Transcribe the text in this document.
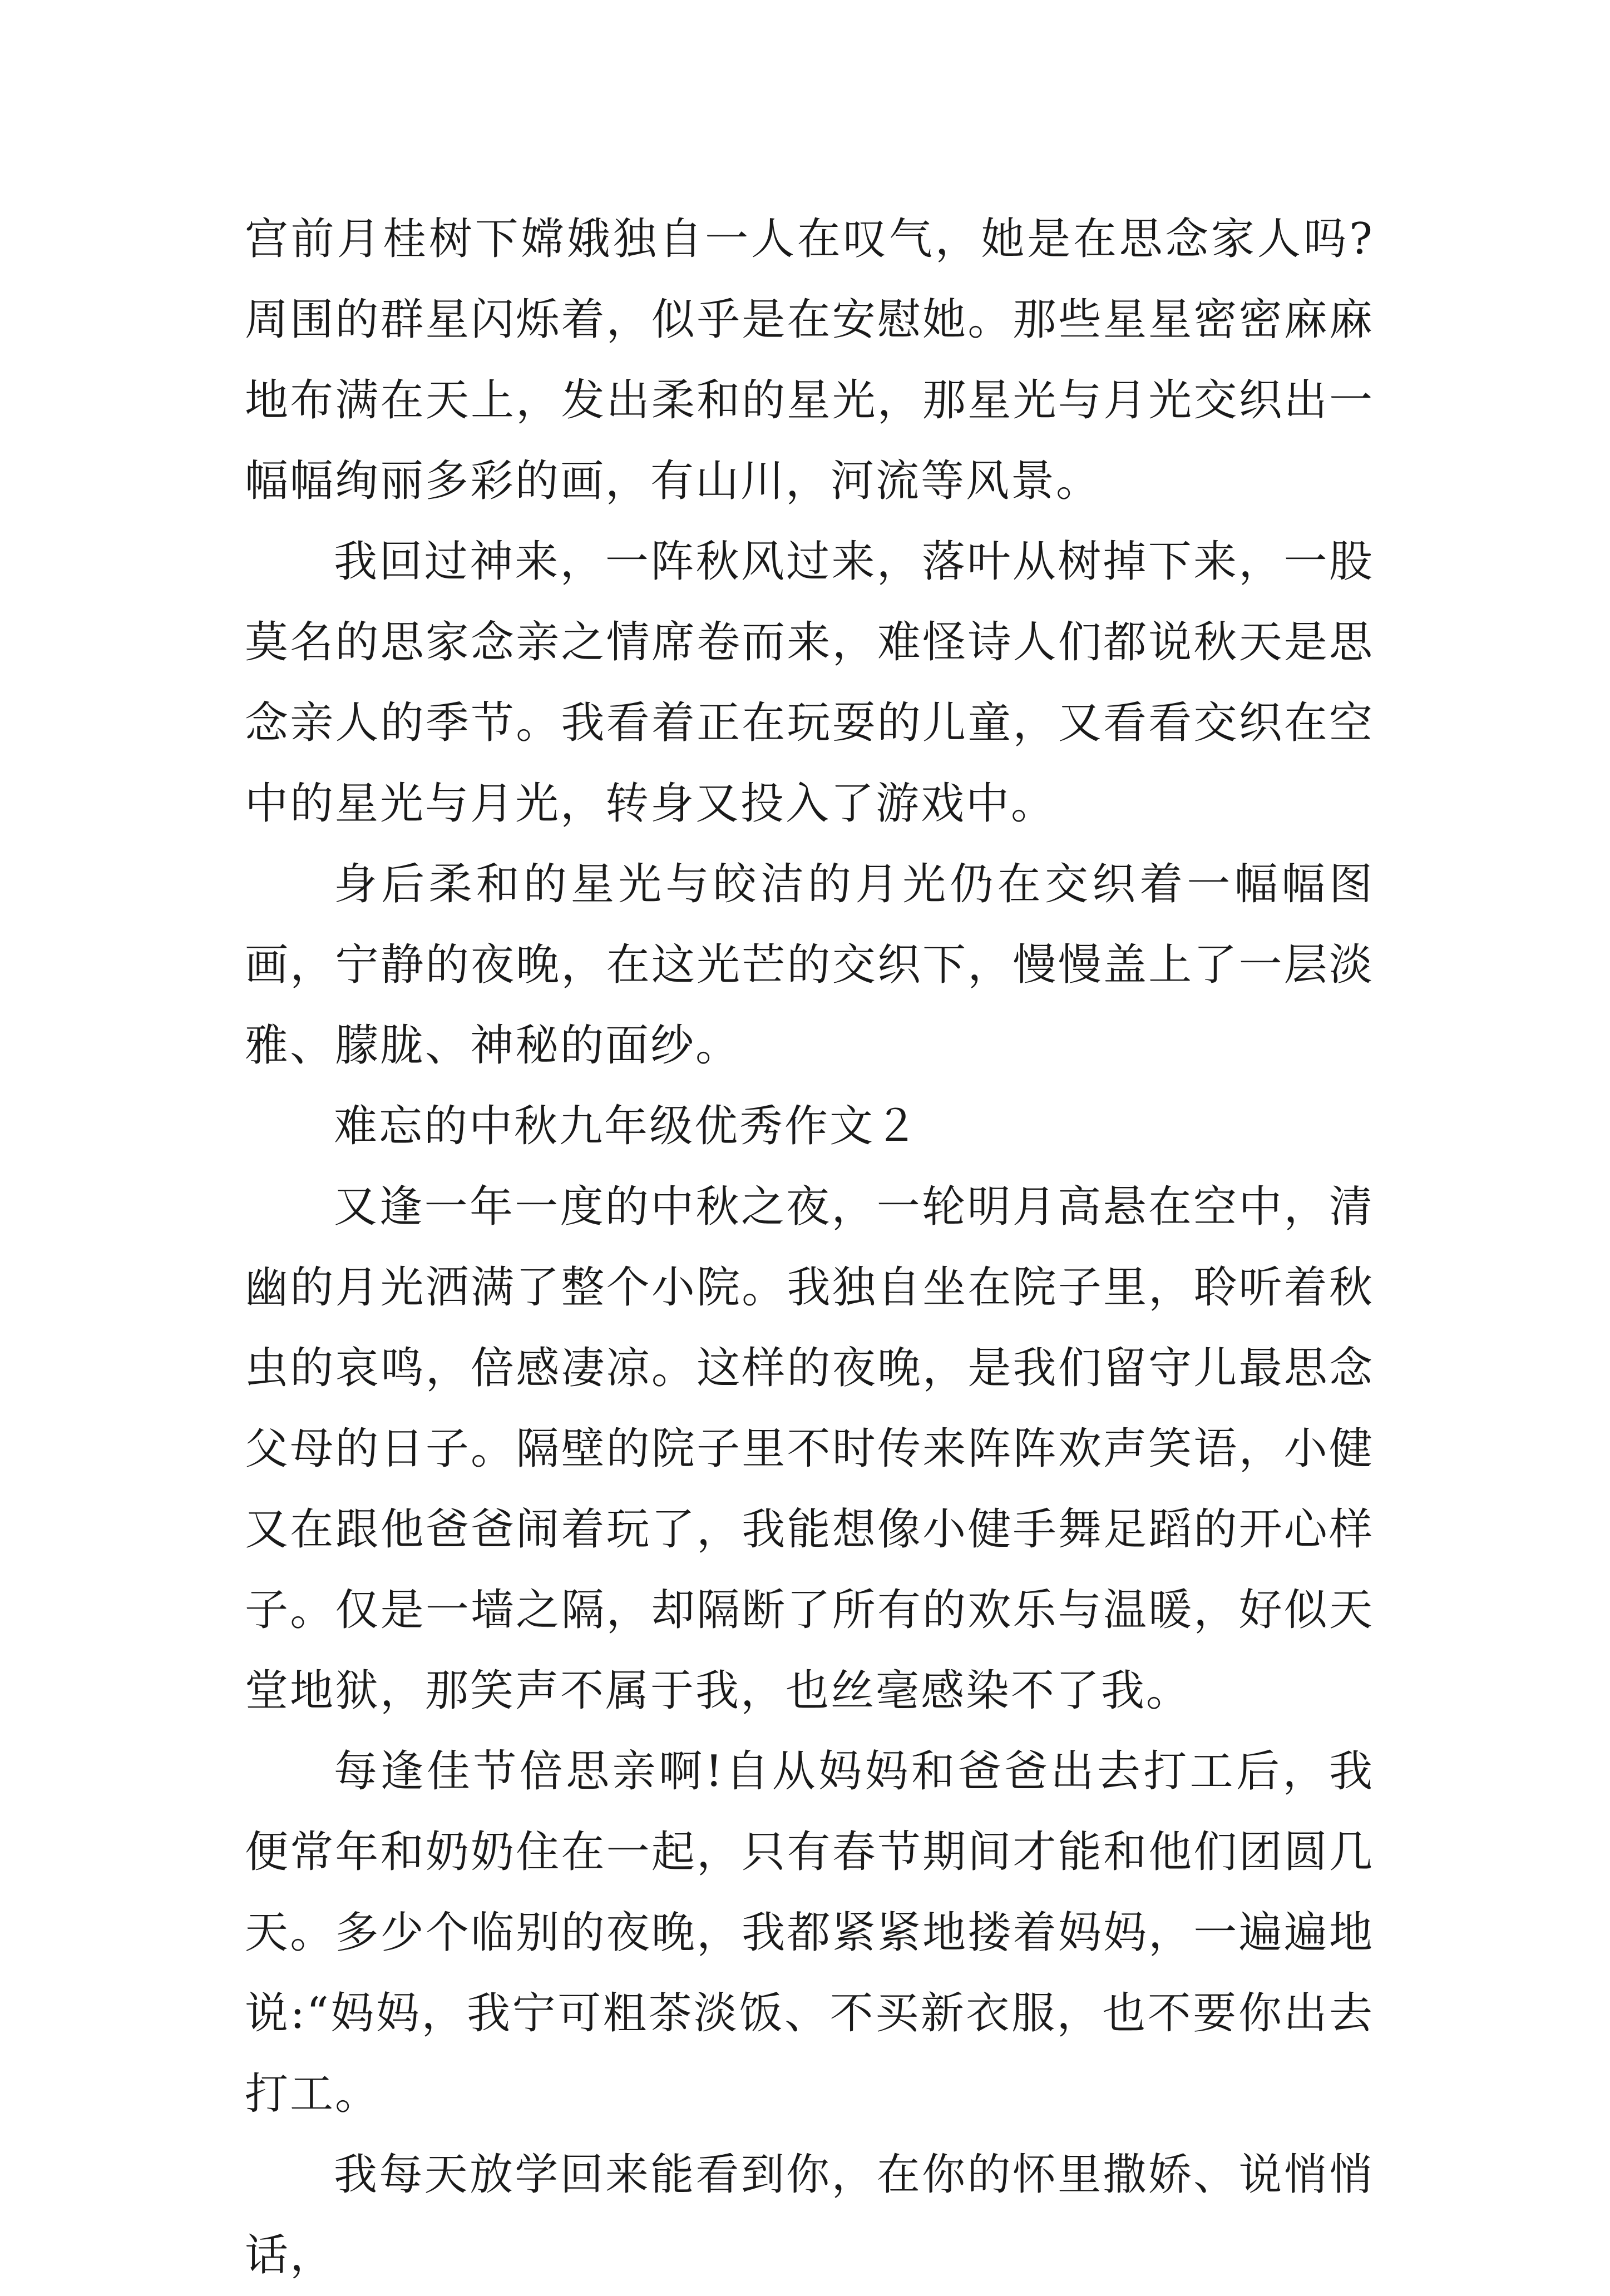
宫前月桂树下嫦娥独自一人在叹气，她是在思念家人吗?周围的群星闪烁着，似乎是在安慰她。那些星星密密麻麻地布满在天上，发出柔和的星光，那星光与月光交织出一幅幅绚丽多彩的画，有山川，河流等风景。

我回过神来，一阵秋风过来，落叶从树掉下来，一股莫名的思家念亲之情席卷而来，难怪诗人们都说秋天是思念亲人的季节。我看着正在玩耍的儿童，又看看交织在空中的星光与月光，转身又投入了游戏中。

身后柔和的星光与皎洁的月光仍在交织着一幅幅图画，宁静的夜晚，在这光芒的交织下，慢慢盖上了一层淡雅、朦胧、神秘的面纱。

难忘的中秋九年级优秀作文２

又逢一年一度的中秋之夜，一轮明月高悬在空中，清幽的月光洒满了整个小院。我独自坐在院子里，聆听着秋虫的哀鸣，倍感凄凉。这样的夜晚，是我们留守儿最思念父母的日子。隔壁的院子里不时传来阵阵欢声笑语，小健又在跟他爸爸闹着玩了，我能想像小健手舞足蹈的开心样子。仅是一墙之隔，却隔断了所有的欢乐与温暖，好似天堂地狱，那笑声不属于我，也丝毫感染不了我。

每逢佳节倍思亲啊!自从妈妈和爸爸出去打工后，我便常年和奶奶住在一起，只有春节期间才能和他们团圆几天。多少个临别的夜晚，我都紧紧地搂着妈妈，一遍遍地说:“妈妈，我宁可粗茶淡饭、不买新衣服，也不要你出去打工。

我每天放学回来能看到你，在你的怀里撒娇、说悄悄话，
